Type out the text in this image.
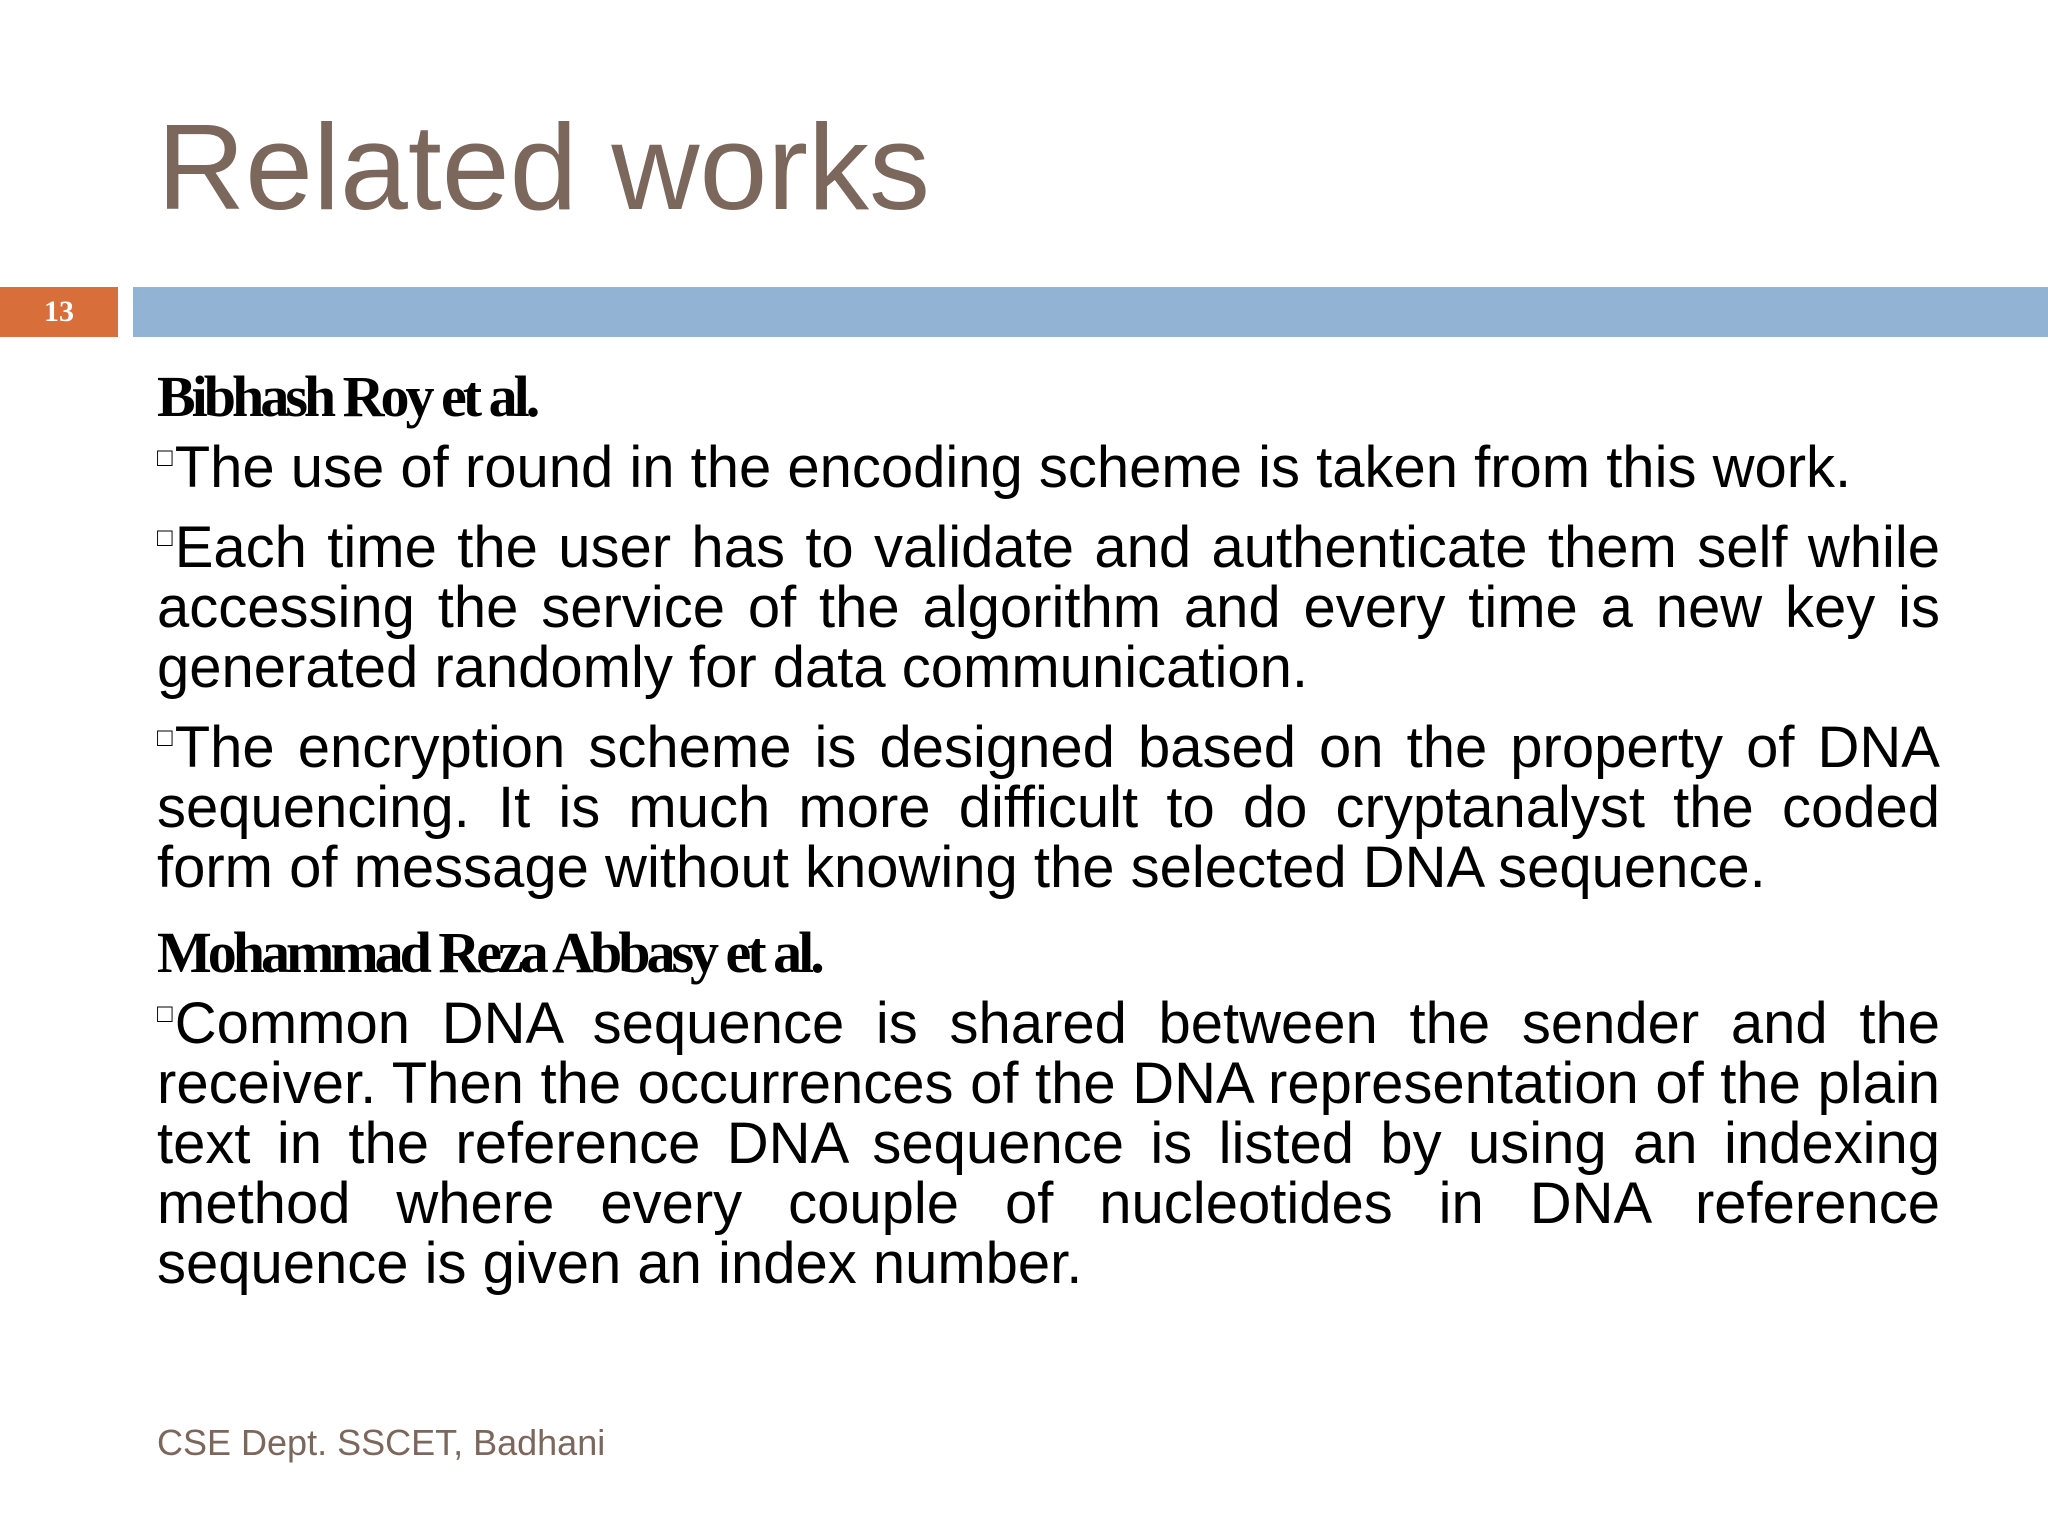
Related works
13
Bibhash Roy et al.

□The use of round in the encoding scheme is taken from this work.

□Each time the user has to validate and authenticate them self while accessing the service of the algorithm and every time a new key is generated randomly for data communication.

□The encryption scheme is designed based on the property of DNA sequencing. It is much more difficult to do cryptanalyst the coded form of message without knowing the selected DNA sequence.

Mohammad Reza Abbasy et al.

□Common DNA sequence is shared between the sender and the receiver. Then the occurrences of the DNA representation of the plain text in the reference DNA sequence is listed by using an indexing method where every couple of nucleotides in DNA reference sequence is given an index number.

CSE Dept. SSCET, Badhani
